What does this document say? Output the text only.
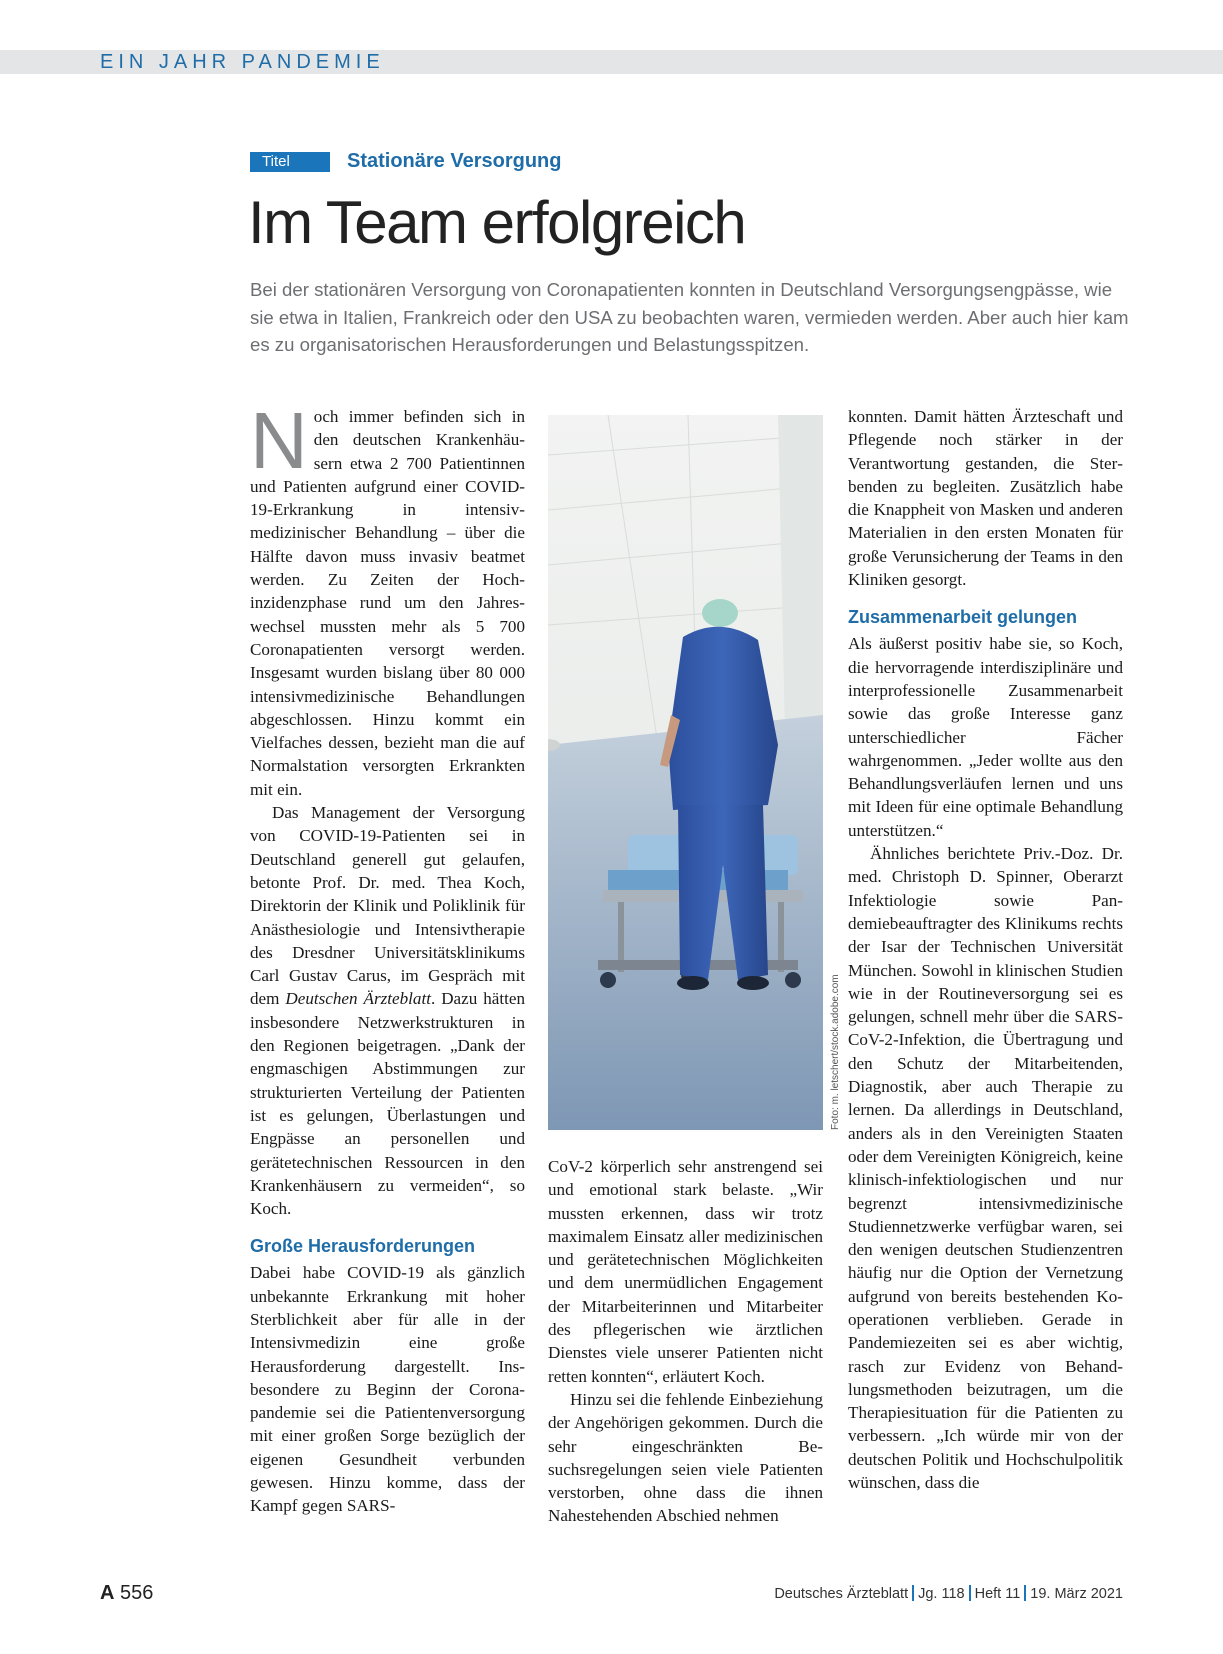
EIN JAHR PANDEMIE
Titel	Stationäre Versorgung
Im Team erfolgreich
Bei der stationären Versorgung von Coronapatienten konnten in Deutschland Versorgungsengpässe, wie sie etwa in Italien, Frankreich oder den USA zu beobachten waren, vermieden werden. Aber auch hier kam es zu organisatorischen Herausforderungen und Belastungsspitzen.

Noch immer befinden sich in den deutschen Krankenhäusern etwa 2 700 Patientinnen und Patienten aufgrund einer COVID-19-Erkrankung in intensivmedizinischer Behandlung – über die Hälfte davon muss invasiv beatmet werden. Zu Zeiten der Hochinzidenzphase rund um den Jahreswechsel mussten mehr als 5 700 Coronapatienten versorgt werden. Insgesamt wurden bislang über 80 000 intensivmedizinische Behandlungen abgeschlossen. Hinzu kommt ein Vielfaches dessen, bezieht man die auf Normalstation versorgten Erkrankten mit ein.

Das Management der Versorgung von COVID-19-Patienten sei in Deutschland generell gut gelaufen, betonte Prof. Dr. med. Thea Koch, Direktorin der Klinik und Poliklinik für Anästhesiologie und Intensivtherapie des Dresdner Universitätsklinikums Carl Gustav Carus, im Gespräch mit dem Deutschen Ärzteblatt. Dazu hätten insbesondere Netzwerkstrukturen in den Regionen beigetragen. „Dank der engmaschigen Abstimmungen zur strukturierten Verteilung der Patienten ist es gelungen, Überlastungen und Engpässe an personellen und gerätetechnischen Ressourcen in den Krankenhäusern zu vermeiden“, so Koch.

Große Herausforderungen

Dabei habe COVID-19 als gänzlich unbekannte Erkrankung mit hoher Sterblichkeit aber für alle in der Intensivmedizin eine große Herausforderung dargestellt. Insbesondere zu Beginn der Coronapandemie sei die Patientenversorgung mit einer großen Sorge bezüglich der eigenen Gesundheit verbunden gewesen. Hinzu komme, dass der Kampf gegen SARS-

Foto: m. letschert/stock.adobe.com

CoV-2 körperlich sehr anstrengend sei und emotional stark belaste. „Wir mussten erkennen, dass wir trotz maximalem Einsatz aller medizinischen und gerätetechnischen Möglichkeiten und dem unermüdlichen Engagement der Mitarbeiterinnen und Mitarbeiter des pflegerischen wie ärztlichen Dienstes viele unserer Patienten nicht retten konnten“, erläutert Koch.

Hinzu sei die fehlende Einbeziehung der Angehörigen gekommen. Durch die sehr eingeschränkten Besuchsregelungen seien viele Patienten verstorben, ohne dass die ihnen Nahestehenden Abschied nehmen

konnten. Damit hätten Ärzteschaft und Pflegende noch stärker in der Verantwortung gestanden, die Sterbenden zu begleiten. Zusätzlich habe die Knappheit von Masken und anderen Materialien in den ersten Monaten für große Verunsicherung der Teams in den Kliniken gesorgt.

Zusammenarbeit gelungen

Als äußerst positiv habe sie, so Koch, die hervorragende interdisziplinäre und interprofessionelle Zusammenarbeit sowie das große Interesse ganz unterschiedlicher Fächer wahrgenommen. „Jeder wollte aus den Behandlungsverläufen lernen und uns mit Ideen für eine optimale Behandlung unterstützen.“

Ähnliches berichtete Priv.-Doz. Dr. med. Christoph D. Spinner, Oberarzt Infektiologie sowie Pandemiebeauftragter des Klinikums rechts der Isar der Technischen Universität München. Sowohl in klinischen Studien wie in der Routineversorgung sei es gelungen, schnell mehr über die SARS-CoV-2-Infektion, die Übertragung und den Schutz der Mitarbeitenden, Diagnostik, aber auch Therapie zu lernen. Da allerdings in Deutschland, anders als in den Vereinigten Staaten oder dem Vereinigten Königreich, keine klinisch-infektiologischen und nur begrenzt intensivmedizinische Studiennetzwerke verfügbar waren, sei den wenigen deutschen Studienzentren häufig nur die Option der Vernetzung aufgrund von bereits bestehenden Kooperationen verblieben. Gerade in Pandemiezeiten sei es aber wichtig, rasch zur Evidenz von Behandlungsmethoden beizutragen, um die Therapiesituation für die Patienten zu verbessern. „Ich würde mir von der deutschen Politik und Hochschulpolitik wünschen, dass die

A 556	Deutsches Ärzteblatt Jg. 118 Heft 11 19. März 2021
